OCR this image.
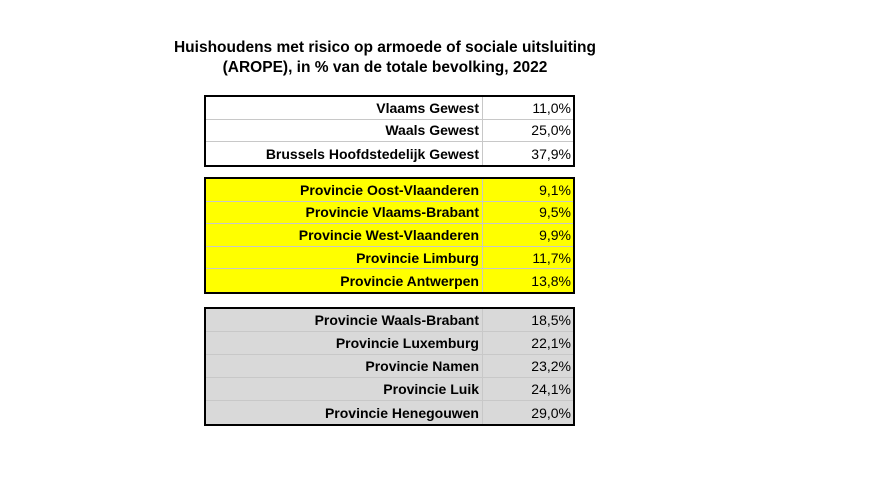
Huishoudens met risico op armoede of sociale uitsluiting
(AROPE), in % van de totale bevolking, 2022
Vlaams Gewest	11,0%
Waals Gewest	25,0%
Brussels Hoofdstedelijk Gewest	37,9%
Provincie Oost-Vlaanderen	9,1%
Provincie Vlaams-Brabant	9,5%
Provincie West-Vlaanderen	9,9%
Provincie Limburg	11,7%
Provincie Antwerpen	13,8%
Provincie Waals-Brabant	18,5%
Provincie Luxemburg	22,1%
Provincie Namen	23,2%
Provincie Luik	24,1%
Provincie Henegouwen	29,0%
